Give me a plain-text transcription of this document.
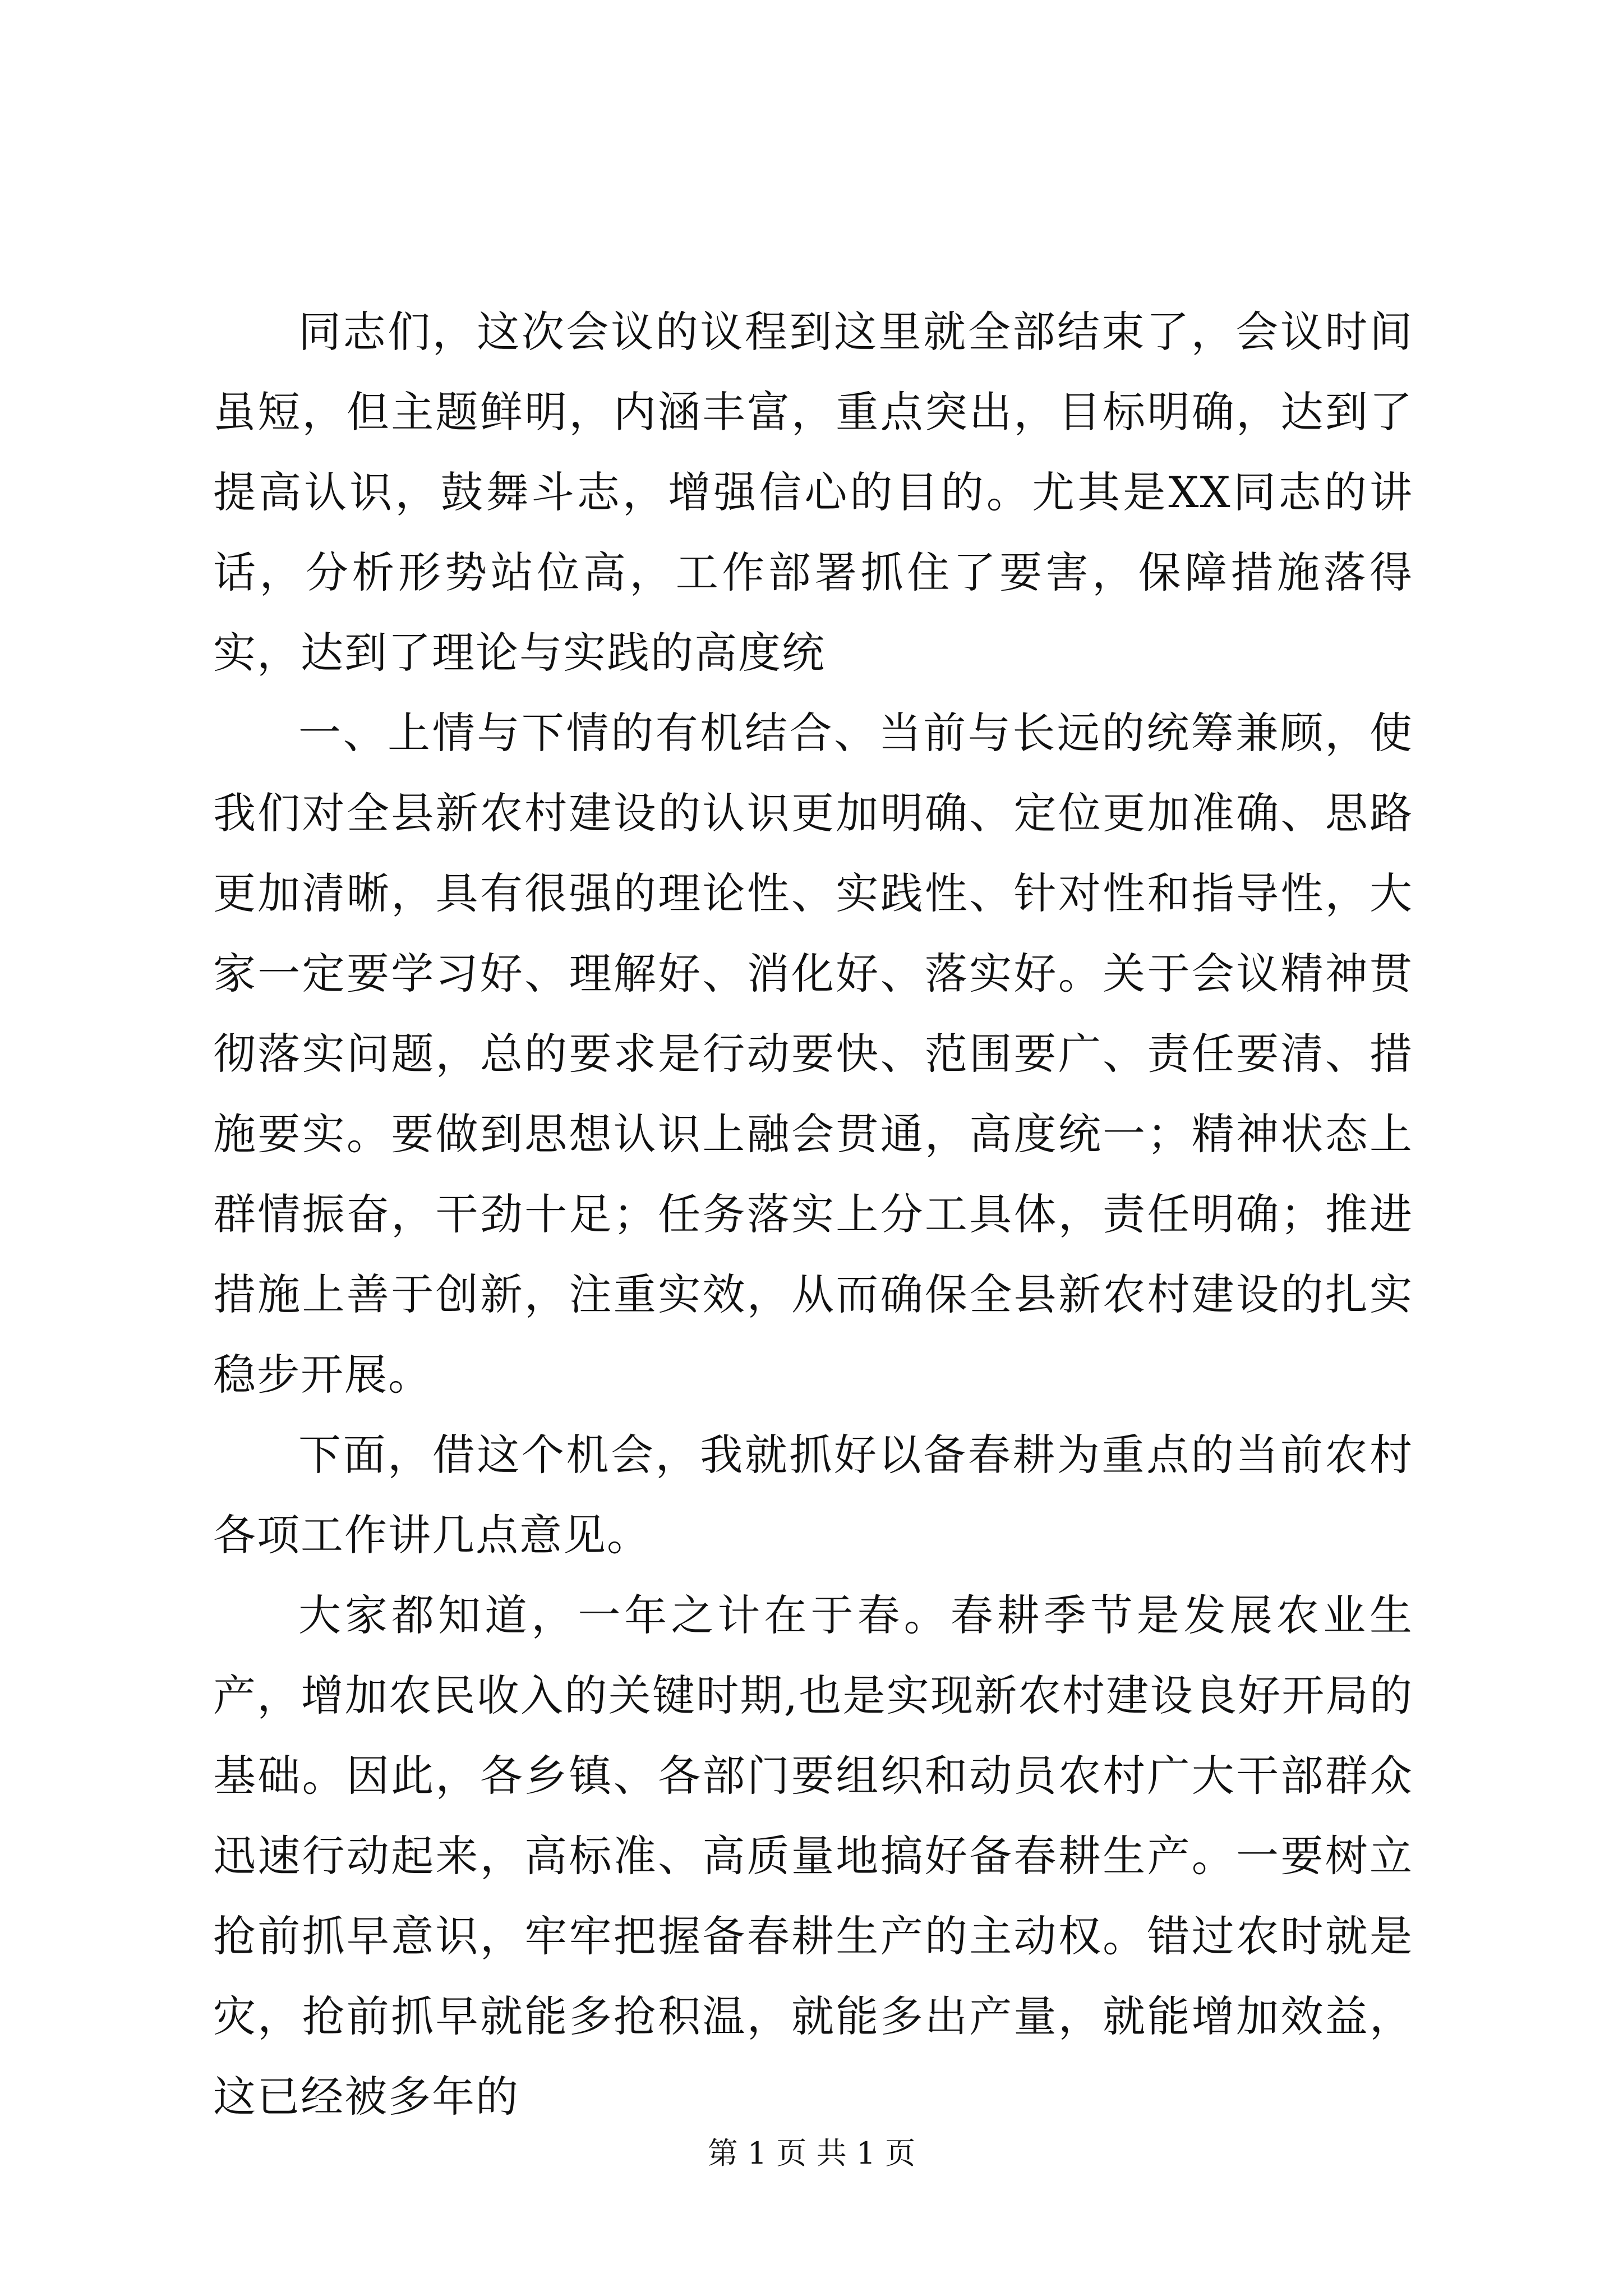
同志们，这次会议的议程到这里就全部结束了，会议时间虽短，但主题鲜明，内涵丰富，重点突出，目标明确，达到了提高认识，鼓舞斗志，增强信心的目的。尤其是XX同志的讲话，分析形势站位高，工作部署抓住了要害，保障措施落得实，达到了理论与实践的高度统

一、上情与下情的有机结合、当前与长远的统筹兼顾，使我们对全县新农村建设的认识更加明确、定位更加准确、思路更加清晰，具有很强的理论性、实践性、针对性和指导性，大家一定要学习好、理解好、消化好、落实好。关于会议精神贯彻落实问题，总的要求是行动要快、范围要广、责任要清、措施要实。要做到思想认识上融会贯通，高度统一；精神状态上群情振奋，干劲十足；任务落实上分工具体，责任明确；推进措施上善于创新，注重实效，从而确保全县新农村建设的扎实稳步开展。

下面，借这个机会，我就抓好以备春耕为重点的当前农村各项工作讲几点意见。

大家都知道，一年之计在于春。春耕季节是发展农业生产，增加农民收入的关键时期,也是实现新农村建设良好开局的基础。因此，各乡镇、各部门要组织和动员农村广大干部群众迅速行动起来，高标准、高质量地搞好备春耕生产。一要树立抢前抓早意识，牢牢把握备春耕生产的主动权。错过农时就是灾，抢前抓早就能多抢积温，就能多出产量，就能增加效益，这已经被多年的

第 1 页 共 1 页
